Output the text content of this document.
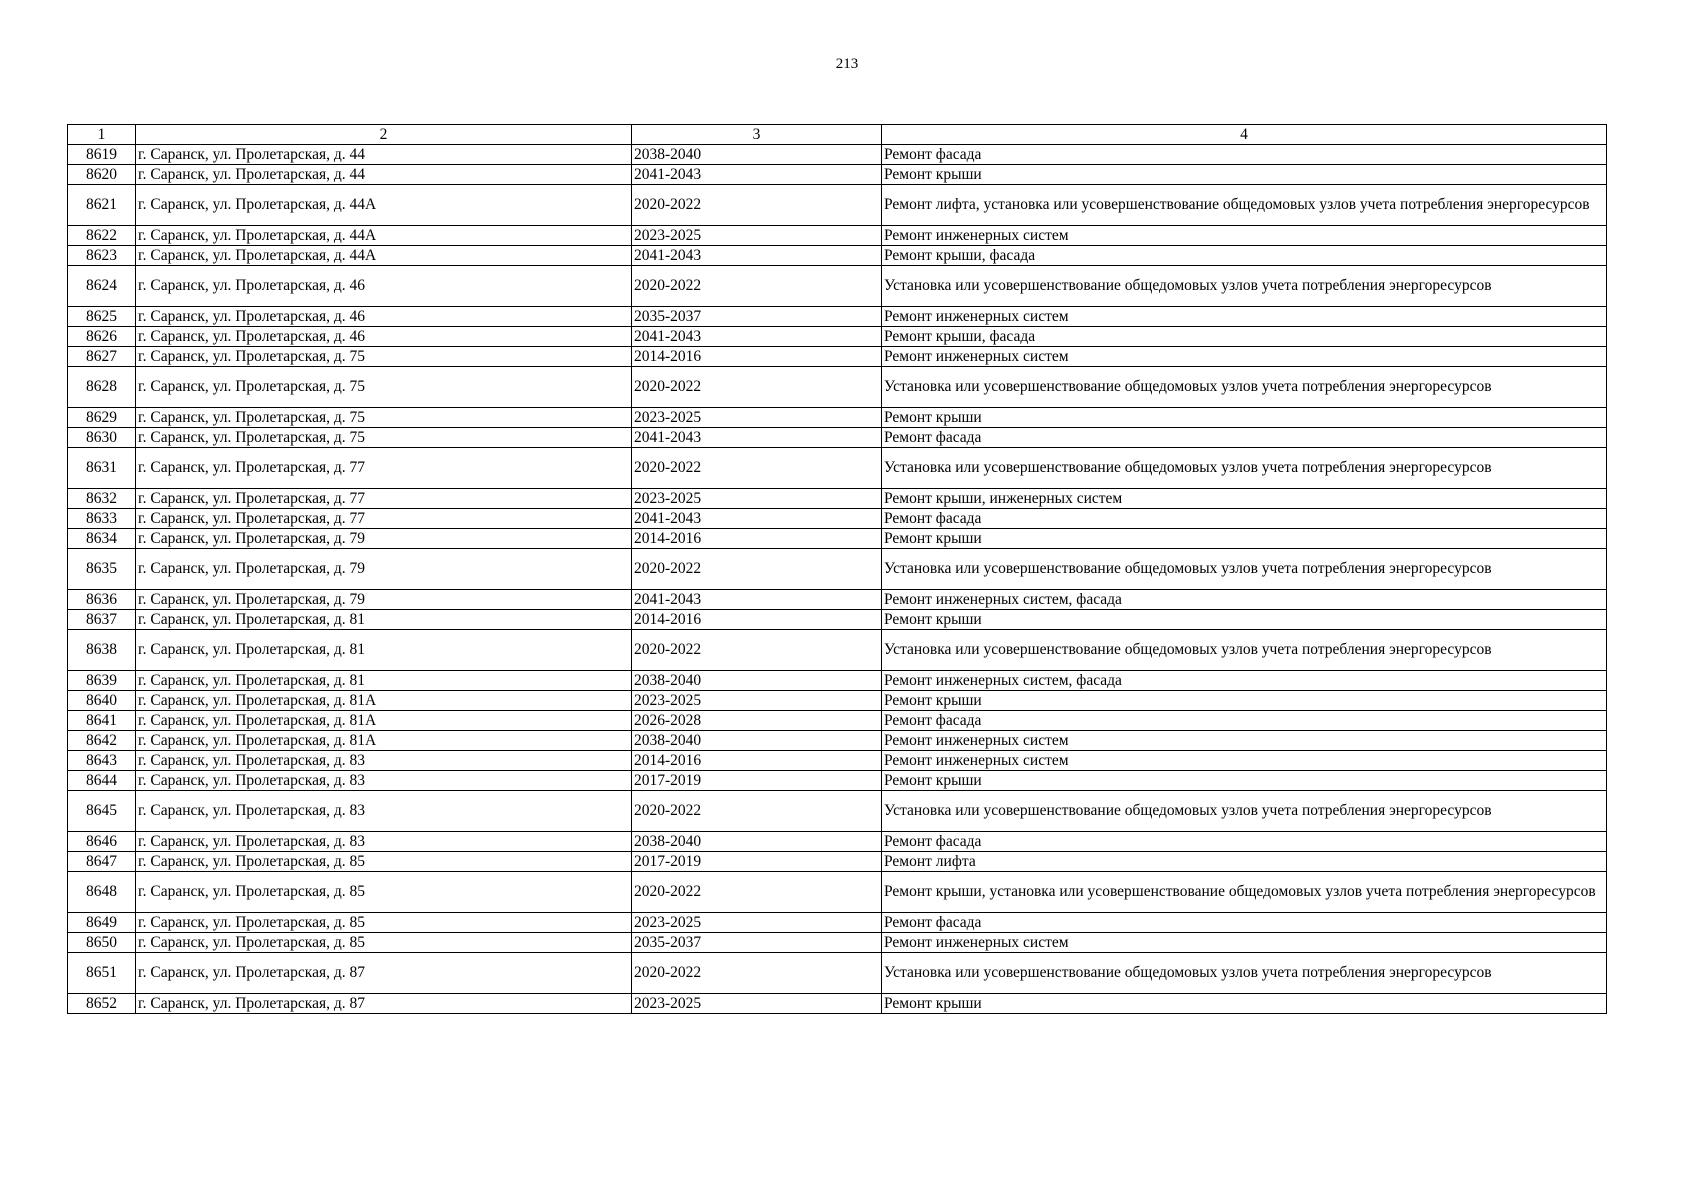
213
1	2	3	4
8619	г. Саранск, ул. Пролетарская, д. 44	2038-2040	Ремонт фасада
8620	г. Саранск, ул. Пролетарская, д. 44	2041-2043	Ремонт крыши
8621	г. Саранск, ул. Пролетарская, д. 44А	2020-2022	Ремонт лифта, установка или усовершенствование общедомовых узлов учета потребления энергоресурсов
8622	г. Саранск, ул. Пролетарская, д. 44А	2023-2025	Ремонт инженерных систем
8623	г. Саранск, ул. Пролетарская, д. 44А	2041-2043	Ремонт крыши, фасада
8624	г. Саранск, ул. Пролетарская, д. 46	2020-2022	Установка или усовершенствование общедомовых узлов учета потребления энергоресурсов
8625	г. Саранск, ул. Пролетарская, д. 46	2035-2037	Ремонт инженерных систем
8626	г. Саранск, ул. Пролетарская, д. 46	2041-2043	Ремонт крыши, фасада
8627	г. Саранск, ул. Пролетарская, д. 75	2014-2016	Ремонт инженерных систем
8628	г. Саранск, ул. Пролетарская, д. 75	2020-2022	Установка или усовершенствование общедомовых узлов учета потребления энергоресурсов
8629	г. Саранск, ул. Пролетарская, д. 75	2023-2025	Ремонт крыши
8630	г. Саранск, ул. Пролетарская, д. 75	2041-2043	Ремонт фасада
8631	г. Саранск, ул. Пролетарская, д. 77	2020-2022	Установка или усовершенствование общедомовых узлов учета потребления энергоресурсов
8632	г. Саранск, ул. Пролетарская, д. 77	2023-2025	Ремонт крыши, инженерных систем
8633	г. Саранск, ул. Пролетарская, д. 77	2041-2043	Ремонт фасада
8634	г. Саранск, ул. Пролетарская, д. 79	2014-2016	Ремонт крыши
8635	г. Саранск, ул. Пролетарская, д. 79	2020-2022	Установка или усовершенствование общедомовых узлов учета потребления энергоресурсов
8636	г. Саранск, ул. Пролетарская, д. 79	2041-2043	Ремонт инженерных систем, фасада
8637	г. Саранск, ул. Пролетарская, д. 81	2014-2016	Ремонт крыши
8638	г. Саранск, ул. Пролетарская, д. 81	2020-2022	Установка или усовершенствование общедомовых узлов учета потребления энергоресурсов
8639	г. Саранск, ул. Пролетарская, д. 81	2038-2040	Ремонт инженерных систем, фасада
8640	г. Саранск, ул. Пролетарская, д. 81А	2023-2025	Ремонт крыши
8641	г. Саранск, ул. Пролетарская, д. 81А	2026-2028	Ремонт фасада
8642	г. Саранск, ул. Пролетарская, д. 81А	2038-2040	Ремонт инженерных систем
8643	г. Саранск, ул. Пролетарская, д. 83	2014-2016	Ремонт инженерных систем
8644	г. Саранск, ул. Пролетарская, д. 83	2017-2019	Ремонт крыши
8645	г. Саранск, ул. Пролетарская, д. 83	2020-2022	Установка или усовершенствование общедомовых узлов учета потребления энергоресурсов
8646	г. Саранск, ул. Пролетарская, д. 83	2038-2040	Ремонт фасада
8647	г. Саранск, ул. Пролетарская, д. 85	2017-2019	Ремонт лифта
8648	г. Саранск, ул. Пролетарская, д. 85	2020-2022	Ремонт крыши, установка или усовершенствование общедомовых узлов учета потребления энергоресурсов
8649	г. Саранск, ул. Пролетарская, д. 85	2023-2025	Ремонт фасада
8650	г. Саранск, ул. Пролетарская, д. 85	2035-2037	Ремонт инженерных систем
8651	г. Саранск, ул. Пролетарская, д. 87	2020-2022	Установка или усовершенствование общедомовых узлов учета потребления энергоресурсов
8652	г. Саранск, ул. Пролетарская, д. 87	2023-2025	Ремонт крыши
